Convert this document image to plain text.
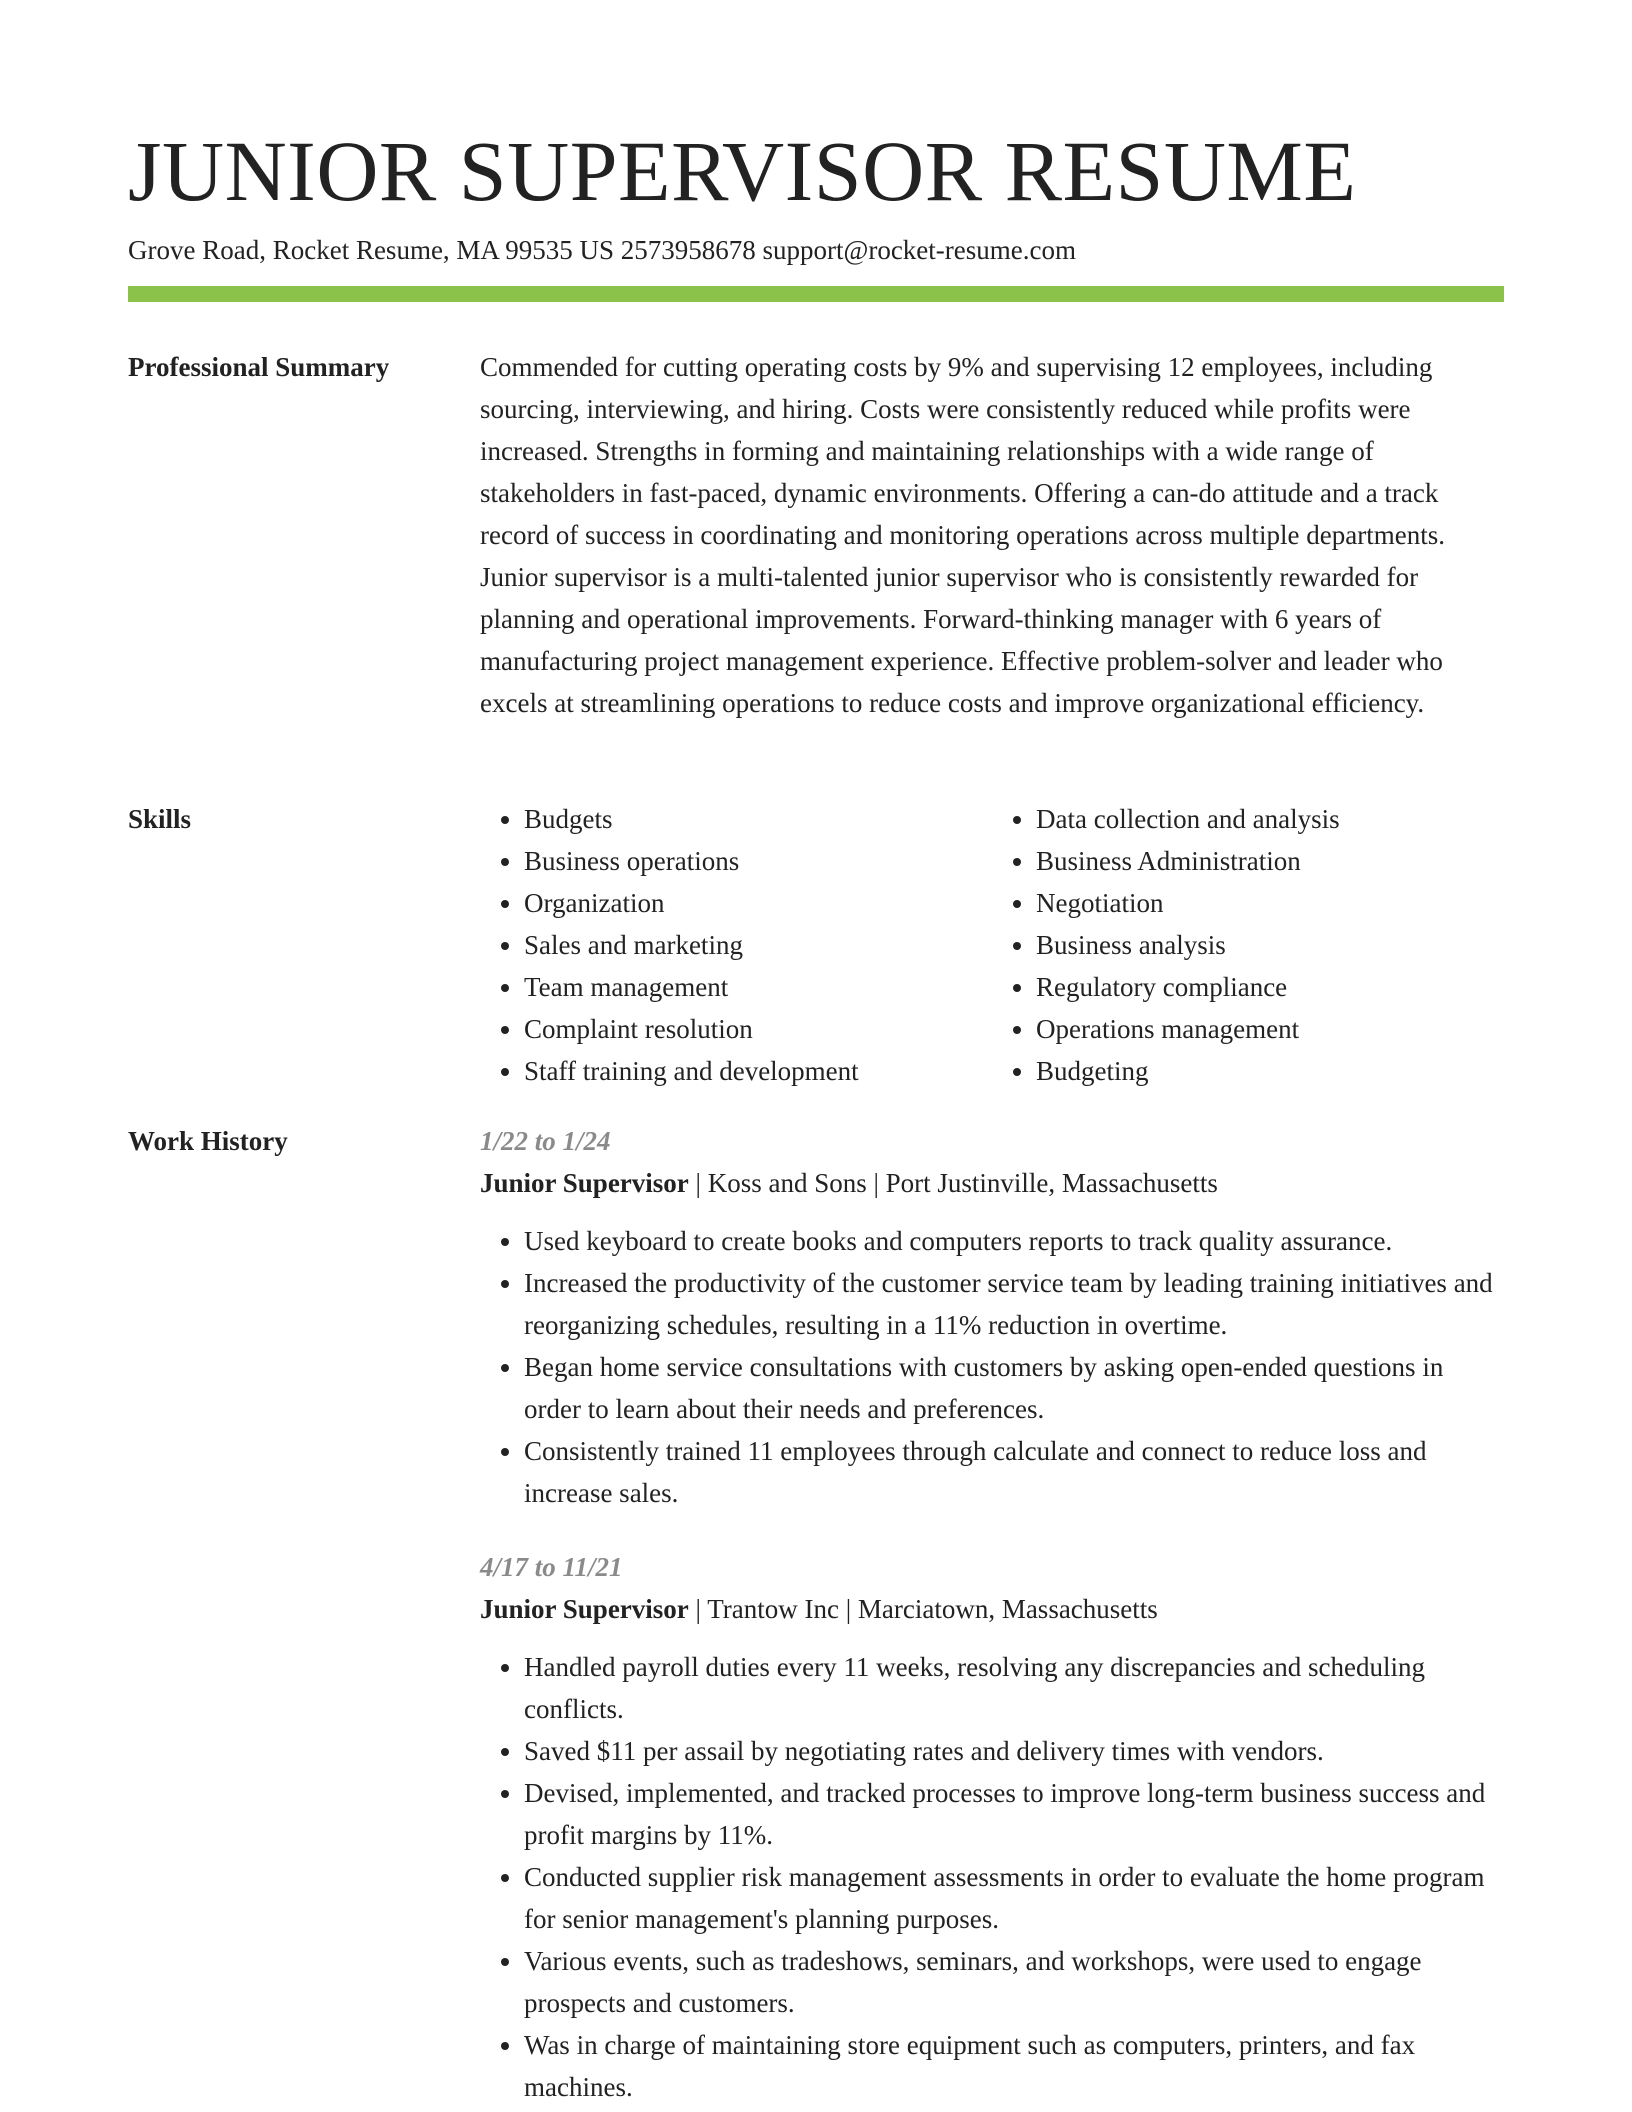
JUNIOR SUPERVISOR RESUME
Grove Road, Rocket Resume, MA 99535 US 2573958678 support@rocket-resume.com
Professional Summary	Commended for cutting operating costs by 9% and supervising 12 employees, including sourcing, interviewing, and hiring. Costs were consistently reduced while profits were increased. Strengths in forming and maintaining relationships with a wide range of stakeholders in fast-paced, dynamic environments. Offering a can-do attitude and a track record of success in coordinating and monitoring operations across multiple departments. Junior supervisor is a multi-talented junior supervisor who is consistently rewarded for planning and operational improvements. Forward-thinking manager with 6 years of manufacturing project management experience. Effective problem-solver and leader who excels at streamlining operations to reduce costs and improve organizational efficiency.

Skills
•	Budgets
• Business operations
• Organization
• Sales and marketing
• Team management
• Complaint resolution
• Staff training and development
• Data collection and analysis
• Business Administration
• Negotiation
• Business analysis
• Regulatory compliance
• Operations management
• Budgeting
Work History	1/22 to 1/24
Junior Supervisor | Koss and Sons | Port Justinville, Massachusetts
• Used keyboard to create books and computers reports to track quality assurance.
• Increased the productivity of the customer service team by leading training initiatives and reorganizing schedules, resulting in a 11% reduction in overtime.
• Began home service consultations with customers by asking open-ended questions in order to learn about their needs and preferences.
• Consistently trained 11 employees through calculate and connect to reduce loss and increase sales.
4/17 to 11/21
Junior Supervisor | Trantow Inc | Marciatown, Massachusetts
• Handled payroll duties every 11 weeks, resolving any discrepancies and scheduling conflicts.
• Saved $11 per assail by negotiating rates and delivery times with vendors.
• Devised, implemented, and tracked processes to improve long-term business success and profit margins by 11%.
• Conducted supplier risk management assessments in order to evaluate the home program for senior management's planning purposes.
• Various events, such as tradeshows, seminars, and workshops, were used to engage prospects and customers.
• Was in charge of maintaining store equipment such as computers, printers, and fax machines.
